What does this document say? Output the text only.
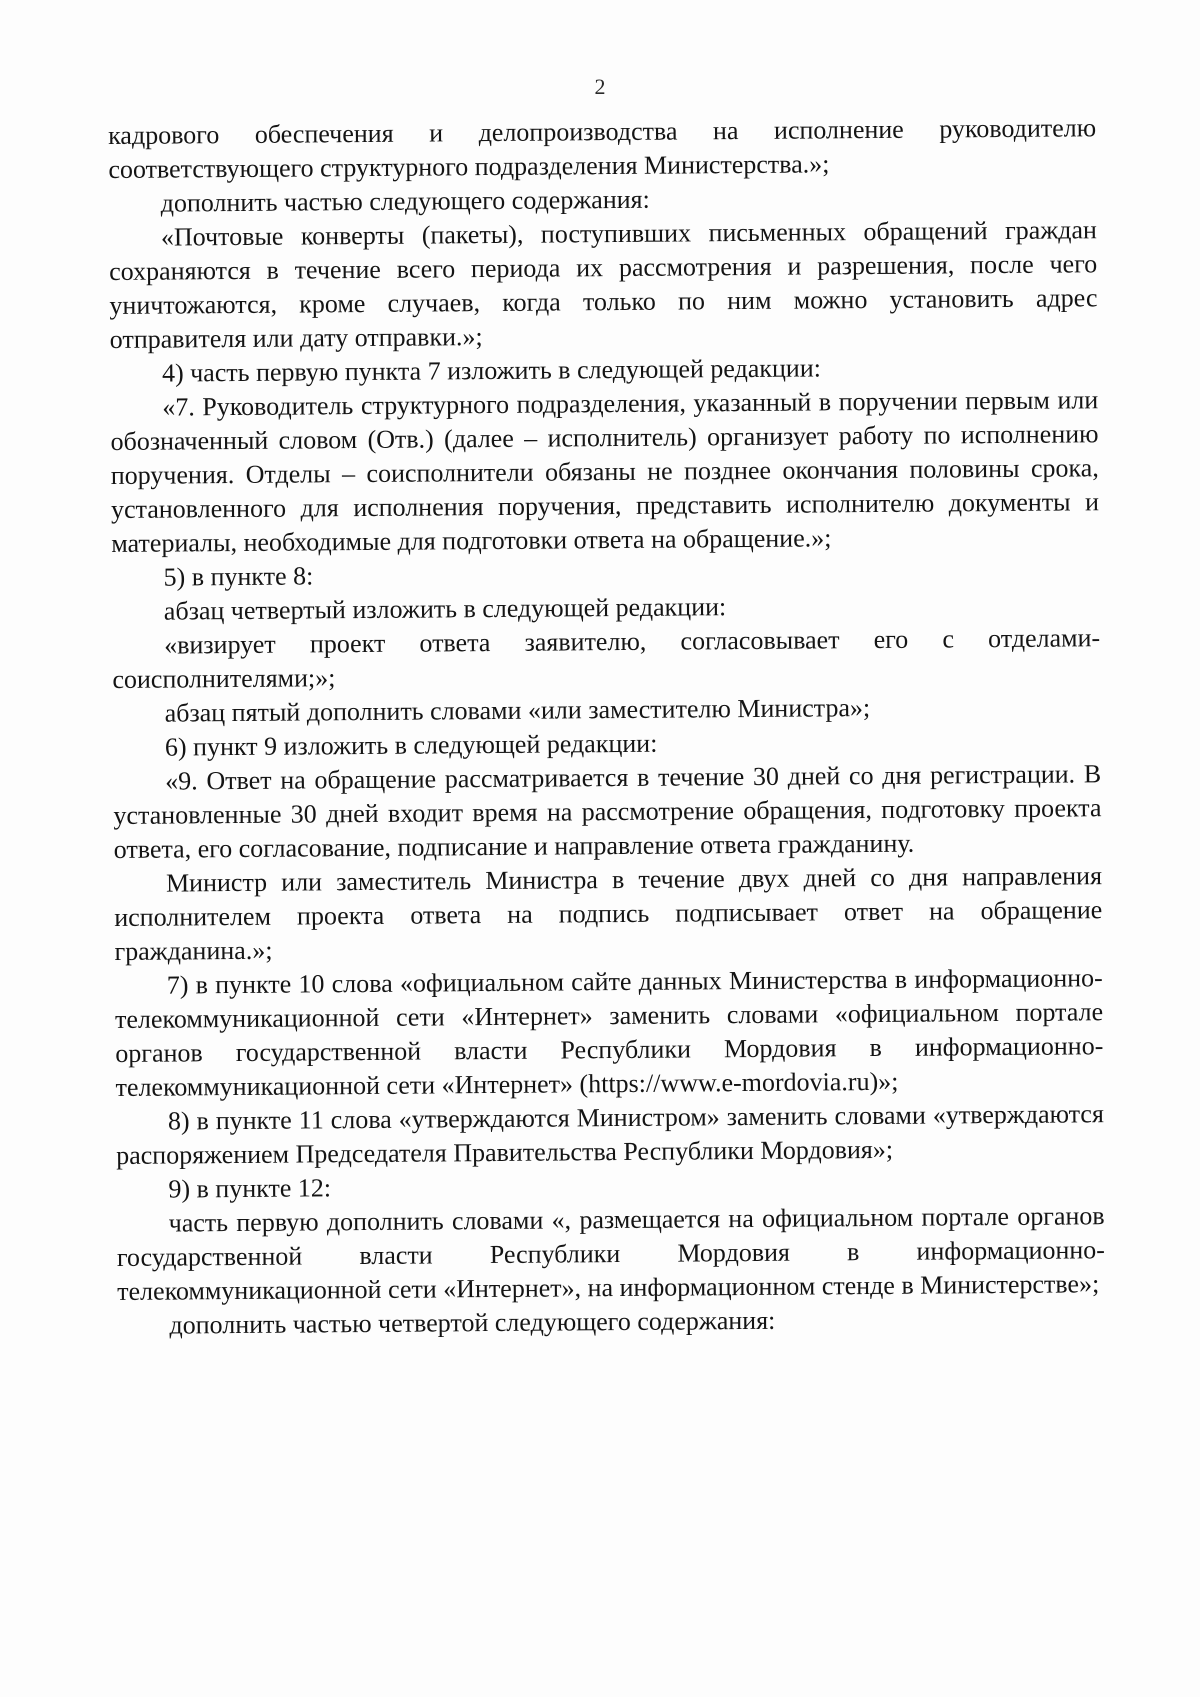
2

кадрового обеспечения и делопроизводства на исполнение руководителю соответствующего структурного подразделения Министерства.»;

дополнить частью следующего содержания:

«Почтовые конверты (пакеты), поступивших письменных обращений граждан сохраняются в течение всего периода их рассмотрения и разрешения, после чего уничтожаются, кроме случаев, когда только по ним можно установить адрес отправителя или дату отправки.»;

4) часть первую пункта 7 изложить в следующей редакции:

«7. Руководитель структурного подразделения, указанный в поручении первым или обозначенный словом (Отв.) (далее – исполнитель) организует работу по исполнению поручения. Отделы – соисполнители обязаны не позднее окончания половины срока, установленного для исполнения поручения, представить исполнителю документы и материалы, необходимые для подготовки ответа на обращение.»;

5) в пункте 8:

абзац четвертый изложить в следующей редакции:

«визирует проект ответа заявителю, согласовывает его с отделами-соисполнителями;»;

абзац пятый дополнить словами «или заместителю Министра»;

6) пункт 9 изложить в следующей редакции:

«9. Ответ на обращение рассматривается в течение 30 дней со дня регистрации. В установленные 30 дней входит время на рассмотрение обращения, подготовку проекта ответа, его согласование, подписание и направление ответа гражданину.

Министр или заместитель Министра в течение двух дней со дня направления исполнителем проекта ответа на подпись подписывает ответ на обращение гражданина.»;

7) в пункте 10 слова «официальном сайте данных Министерства в информационно-телекоммуникационной сети «Интернет» заменить словами «официальном портале органов государственной власти Республики Мордовия в информационно-телекоммуникационной сети «Интернет» (https://www.e-mordovia.ru)»;

8) в пункте 11 слова «утверждаются Министром» заменить словами «утверждаются распоряжением Председателя Правительства Республики Мордовия»;

9) в пункте 12:

часть первую дополнить словами «, размещается на официальном портале органов государственной власти Республики Мордовия в информационно-телекоммуникационной сети «Интернет», на информационном стенде в Министерстве»;

дополнить частью четвертой следующего содержания:
